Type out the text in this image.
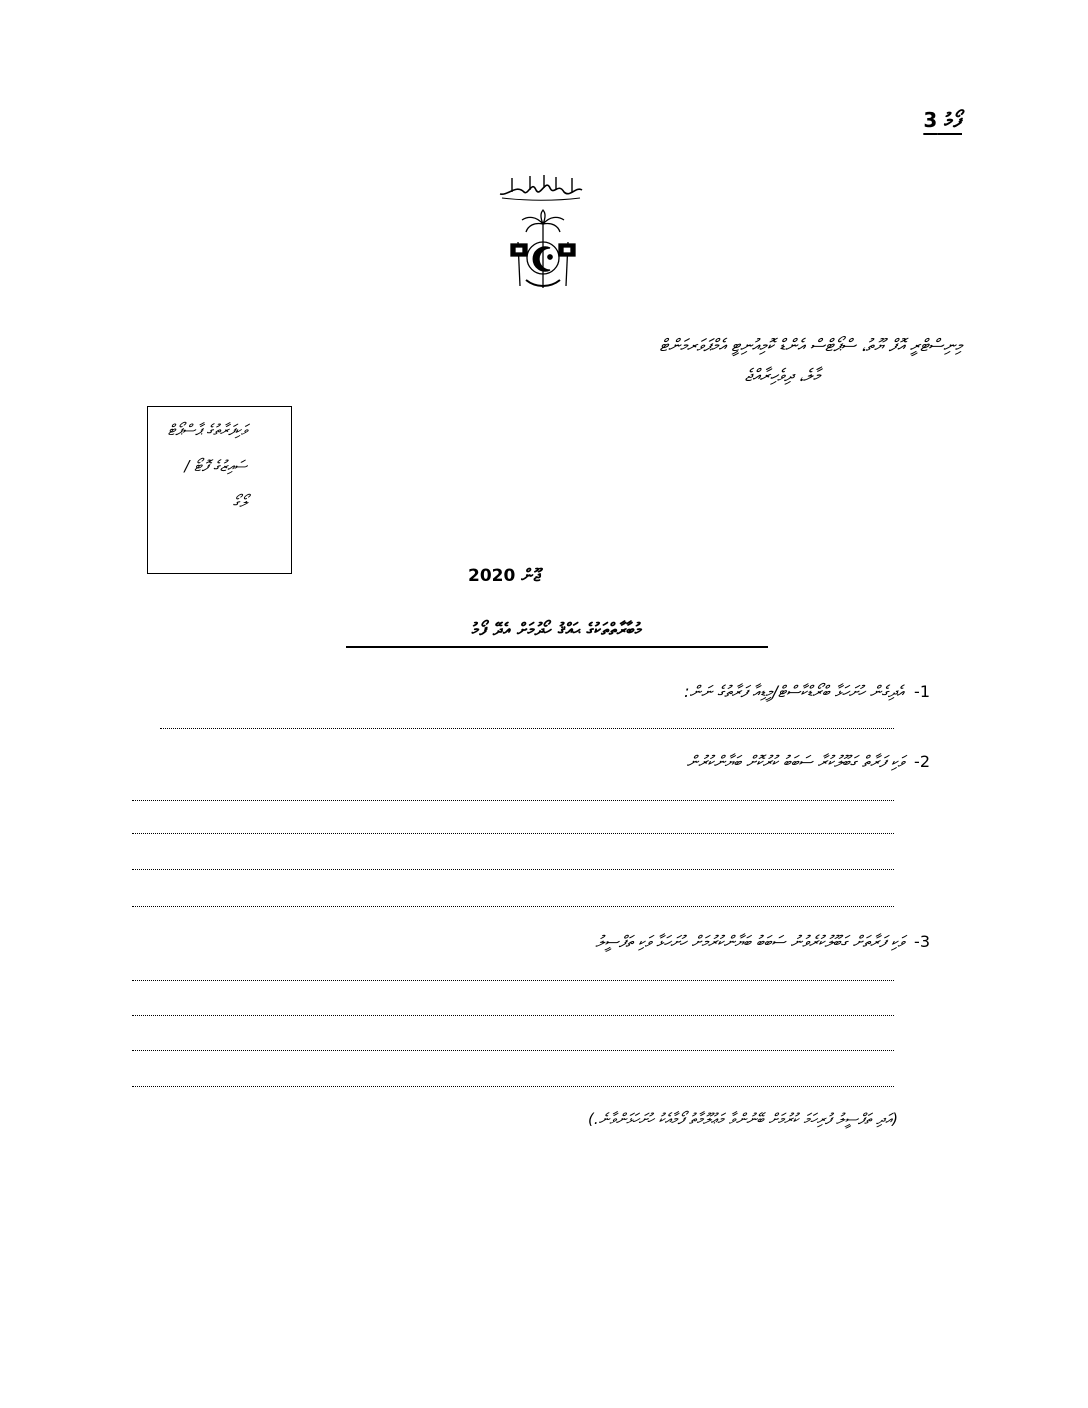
ފޯމު 3
މިނިސްޓްރީ އޮފް ޔޫތު، ސްޕޯޓްސް އެންޑް ކޮމިއުނިޓީ އެމްޕަވަރމަންޓް
މާލެ، ދިވެހިރާއްޖެ
ވަކިފަރާތުގެ ޕާސްޕޯޓް
ސައިޒުގެ ފޮޓޯ /
ލޯގޯ
ޖޫން 2020
މުބާރާތްތަކުގެ ޙައްޤު ހޯދުމަށް އެދޭ ފޯމު
1-އެދިގެން ހުށަހަޅާ ބްރޯޑްކާސްޓް/މީޑިއާ ފަރާތުގެ ނަން:
2-ވަކި ފަރާތް ގަބޫލުކުރާ ސަބަބު ކުރުކޮށް ބަޔާންކުރުން
3-ވަކި ފަރާތަށް ގަބޫލުކުރެވުނު ސަބަބު ބަޔާންކުރުމަށް ހުށަހަޅާ ވަކި ތަފްސީލު
(އަދި ތަފްސީލު ފުރިހަމަ ކުރުމަށް ބޭނުންވާ މަޢުލޫމާތު ފޯމާއެކު ހުށަހަޅަންވާނެ.)
